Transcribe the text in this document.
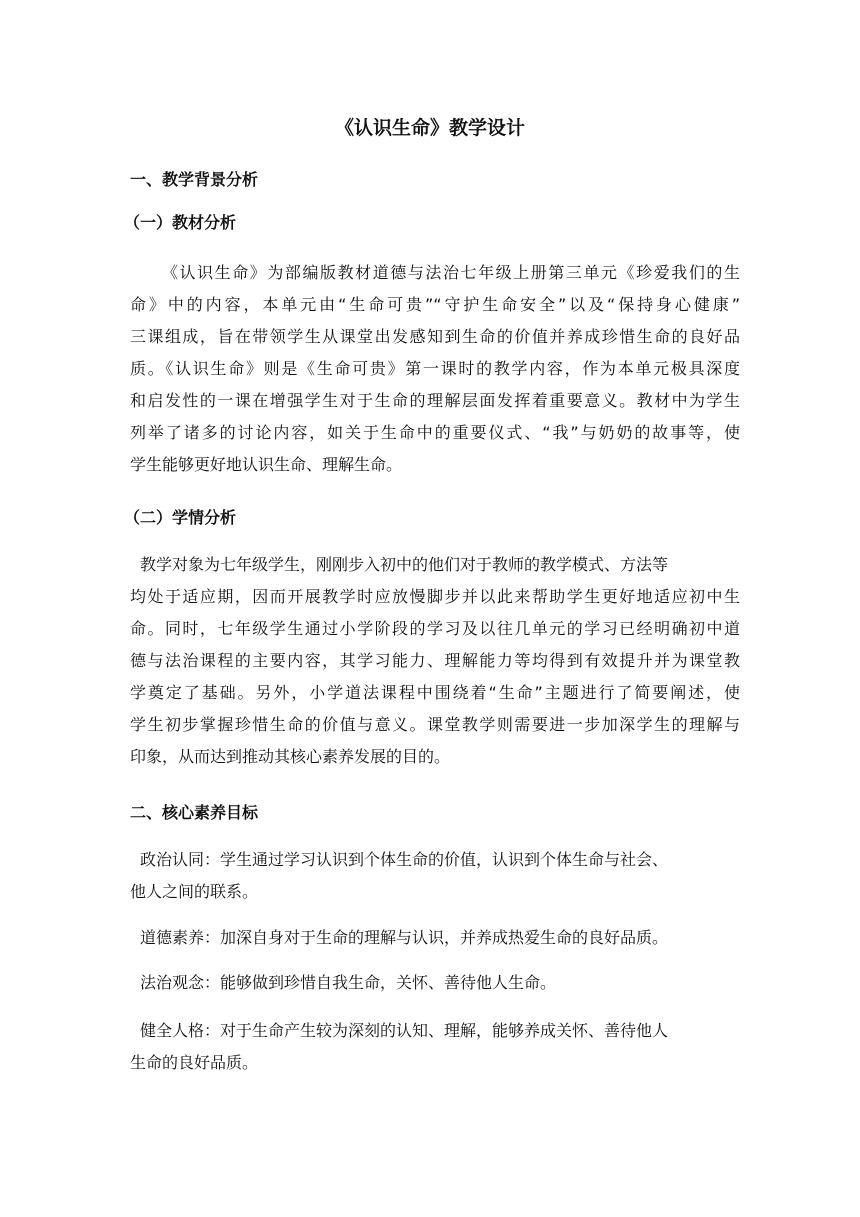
《认识生命》教学设计
一、教学背景分析
（一）教材分析
《认识生命》为部编版教材道德与法治七年级上册第三单元《珍爱我们的生
命》中的内容，本单元由“生命可贵”“守护生命安全”以及“保持身心健康”
三课组成，旨在带领学生从课堂出发感知到生命的价值并养成珍惜生命的良好品
质。《认识生命》则是《生命可贵》第一课时的教学内容，作为本单元极具深度
和启发性的一课在增强学生对于生命的理解层面发挥着重要意义。教材中为学生
列举了诸多的讨论内容，如关于生命中的重要仪式、“我”与奶奶的故事等，使
学生能够更好地认识生命、理解生命。
（二）学情分析
教学对象为七年级学生，刚刚步入初中的他们对于教师的教学模式、方法等
均处于适应期，因而开展教学时应放慢脚步并以此来帮助学生更好地适应初中生
命。同时，七年级学生通过小学阶段的学习及以往几单元的学习已经明确初中道
德与法治课程的主要内容，其学习能力、理解能力等均得到有效提升并为课堂教
学奠定了基础。另外，小学道法课程中围绕着“生命”主题进行了简要阐述，使
学生初步掌握珍惜生命的价值与意义。课堂教学则需要进一步加深学生的理解与
印象，从而达到推动其核心素养发展的目的。
二、核心素养目标
政治认同：学生通过学习认识到个体生命的价值，认识到个体生命与社会、
他人之间的联系。
道德素养：加深自身对于生命的理解与认识，并养成热爱生命的良好品质。
法治观念：能够做到珍惜自我生命，关怀、善待他人生命。
健全人格：对于生命产生较为深刻的认知、理解，能够养成关怀、善待他人
生命的良好品质。
